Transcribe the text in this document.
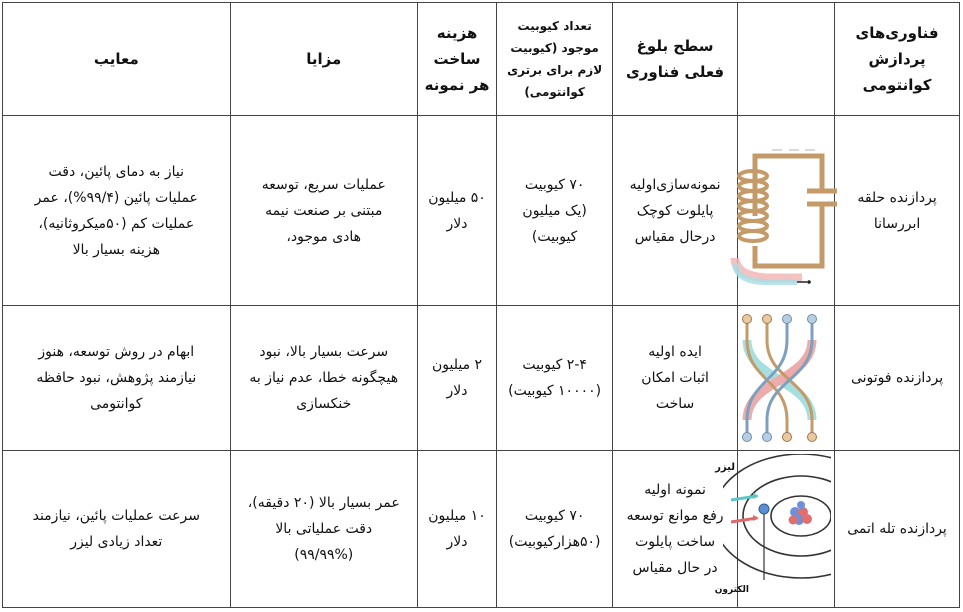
فناوری‌های
پردازش
کوانتومی		سطح بلوغ
فعلی فناوری	تعداد کیوبیت
موجود (کیوبیت
لازم برای برتری
کوانتومی)	هزینه
ساخت
هر نمونه	مزایا	معایب

پردازنده حلقه
ابررسانا		نمونه‌سازی‌اولیه
پایلوت کوچک
درحال مقیاس	۷۰ کیوبیت
(یک میلیون
کیوبیت)	۵۰ میلیون
دلار	عملیات سریع، توسعه
مبتنی بر صنعت نیمه
هادی موجود،	نیاز به دمای پائین، دقت
عملیات پائین (۹۹/۴%)، عمر
عملیات کم (۵۰میکروثانیه)،
هزینه بسیار بالا

پردازنده فوتونی		ایده اولیه
اثبات امکان
ساخت	۲-۴ کیوبیت
(۱۰۰۰۰ کیوبیت)	۲ میلیون
دلار	سرعت بسیار بالا، نبود
هیچگونه خطا، عدم نیاز به
خنکسازی	ابهام در روش توسعه، هنوز
نیازمند پژوهش، نبود حافظه
کوانتومی

پردازنده تله اتمی	لیزر
الکترون	نمونه اولیه
رفع موانع توسعه
ساخت پایلوت
در حال مقیاس	۷۰ کیوبیت
(۵۰هزارکیوبیت)	۱۰ میلیون
دلار	عمر بسیار بالا (۲۰ دقیقه)،
دقت عملیاتی بالا
(۹۹/۹۹%)	سرعت عملیات پائین، نیازمند
تعداد زیادی لیزر
